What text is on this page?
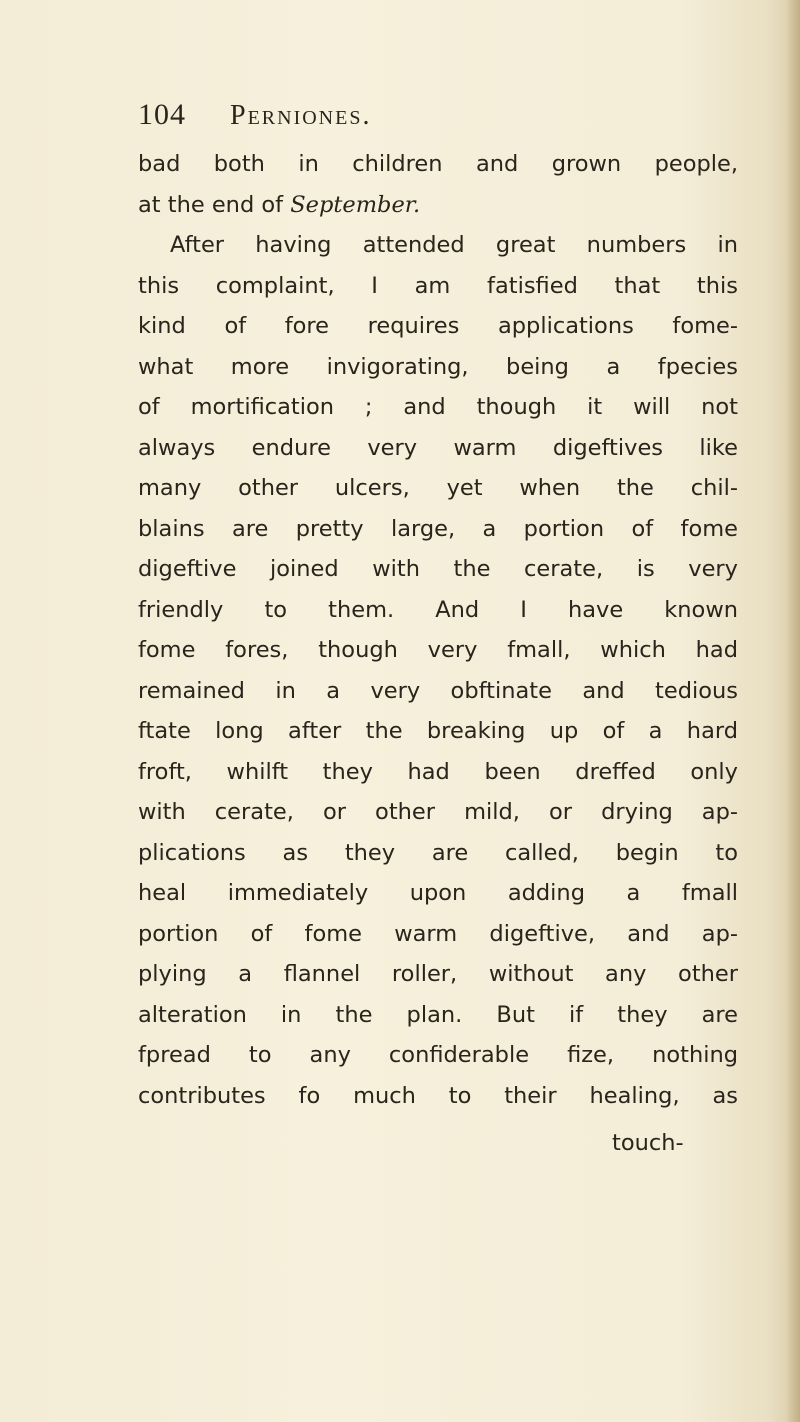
104 Perniones.
bad both in children and grown people,
at the end of September.
After having attended great numbers in
this complaint, I am fatisfied that this
kind of fore requires applications fome-
what more invigorating, being a fpecies
of mortification ; and though it will not
always endure very warm digeftives like
many other ulcers, yet when the chil-
blains are pretty large, a portion of fome
digeftive joined with the cerate, is very
friendly to them. And I have known
fome fores, though very fmall, which had
remained in a very obftinate and tedious
ftate long after the breaking up of a hard
froft, whilft they had been dreffed only
with cerate, or other mild, or drying ap-
plications as they are called, begin to
heal immediately upon adding a fmall
portion of fome warm digeftive, and ap-
plying a flannel roller, without any other
alteration in the plan. But if they are
fpread to any confiderable fize, nothing
contributes fo much to their healing, as
touch-
